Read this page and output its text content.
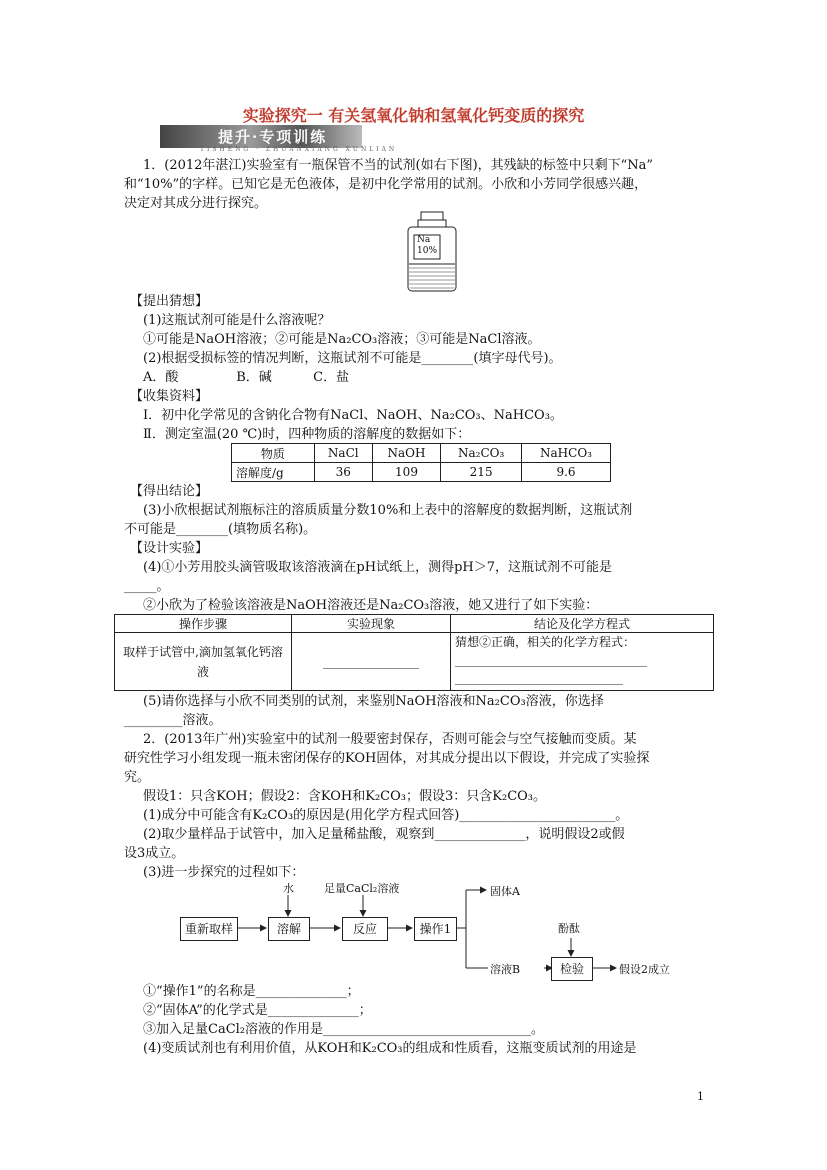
实验探究一 有关氢氧化钠和氢氧化钙变质的探究
提升·专项训练
TISHENG · ZHUANXIANG XUNLIAN
1．(2012年湛江)实验室有一瓶保管不当的试剂(如右下图)，其残缺的标签中只剩下“Na”
和“10%”的字样。已知它是无色液体，是初中化学常用的试剂。小欣和小芳同学很感兴趣，
决定对其成分进行探究。
Na
10%
【提出猜想】
(1)这瓶试剂可能是什么溶液呢？
①可能是NaOH溶液；②可能是Na₂CO₃溶液；③可能是NaCl溶液。
(2)根据受损标签的情况判断，这瓶试剂不可能是________(填字母代号)。
A．酸              B．碱          C．盐
【收集资料】
Ⅰ．初中化学常见的含钠化合物有NaCl、NaOH、Na₂CO₃、NaHCO₃。
Ⅱ．测定室温(20 ℃)时，四种物质的溶解度的数据如下：
物质	NaCl	NaOH	Na₂CO₃	NaHCO₃
溶解度/g	36	109	215	9.6
【得出结论】
(3)小欣根据试剂瓶标注的溶质质量分数10%和上表中的溶解度的数据判断，这瓶试剂
不可能是________(填物质名称)。
【设计实验】
(4)①小芳用胶头滴管吸取该溶液滴在pH试纸上，测得pH＞7，这瓶试剂不可能是
_____。
②小欣为了检验该溶液是NaOH溶液还是Na₂CO₃溶液，她又进行了如下实验：
操作步骤	实验现象	结论及化学方程式
取样于试管中,滴加氢氧化钙溶液	________________	猜想②正确，相关的化学方程式：
________________________________
____________________________
(5)请你选择与小欣不同类别的试剂，来鉴别NaOH溶液和Na₂CO₃溶液，你选择
_________溶液。
2．(2013年广州)实验室中的试剂一般要密封保存，否则可能会与空气接触而变质。某
研究性学习小组发现一瓶未密闭保存的KOH固体，对其成分提出以下假设，并完成了实验探
究。
假设1：只含KOH；假设2：含KOH和K₂CO₃；假设3：只含K₂CO₃。
(1)成分中可能含有K₂CO₃的原因是(用化学方程式回答)________________________。
(2)取少量样品于试管中，加入足量稀盐酸，观察到______________，说明假设2或假
设3成立。
(3)进一步探究的过程如下：
重新取样	溶解	反应	操作1
检验
水	足量CaCl₂溶液	固体A
溶液B
酚酞
假设2成立
①“操作1”的名称是______________；
②“固体A”的化学式是______________；
③加入足量CaCl₂溶液的作用是________________________________。
(4)变质试剂也有利用价值，从KOH和K₂CO₃的组成和性质看，这瓶变质试剂的用途是
1
